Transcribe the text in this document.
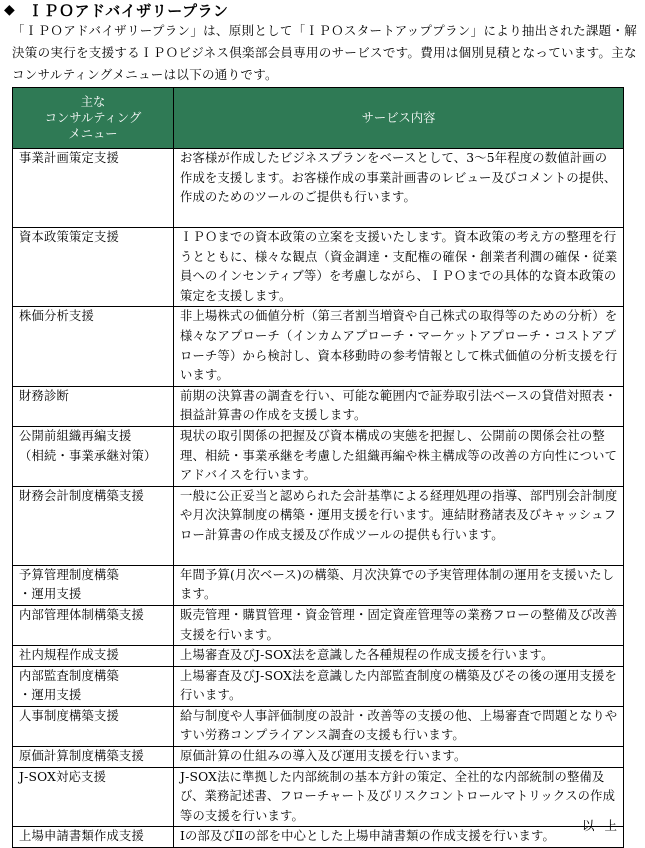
◆ ＩＰＯアドバイザリープラン

「ＩＰＯアドバイザリープラン」は、原則として「ＩＰＯスタートアッププラン」により抽出された課題・解決策の実行を支援するＩＰＯビジネス倶楽部会員専用のサービスです。費用は個別見積となっています。主なコンサルティングメニューは以下の通りです。

主な
コンサルティング
メニュー	サービス内容
事業計画策定支援	お客様が作成したビジネスプランをベースとして、3～5年程度の数値計画の作成を支援します。お客様作成の事業計画書のレビュー及びコメントの提供、作成のためのツールのご提供も行います。
資本政策策定支援	ＩＰＯまでの資本政策の立案を支援いたします。資本政策の考え方の整理を行うとともに、様々な観点（資金調達・支配権の確保・創業者利潤の確保・従業員へのインセンティブ等）を考慮しながら、ＩＰＯまでの具体的な資本政策の策定を支援します。
株価分析支援	非上場株式の価値分析（第三者割当増資や自己株式の取得等のための分析）を様々なアプローチ（インカムアプローチ・マーケットアプローチ・コストアプローチ等）から検討し、資本移動時の参考情報として株式価値の分析支援を行います。
財務診断	前期の決算書の調査を行い、可能な範囲内で証券取引法ベースの貸借対照表・損益計算書の作成を支援します。
公開前組織再編支援
（相続・事業承継対策）	現状の取引関係の把握及び資本構成の実態を把握し、公開前の関係会社の整理、相続・事業承継を考慮した組織再編や株主構成等の改善の方向性についてアドバイスを行います。
財務会計制度構築支援	一般に公正妥当と認められた会計基準による経理処理の指導、部門別会計制度や月次決算制度の構築・運用支援を行います。連結財務諸表及びキャッシュフロー計算書の作成支援及び作成ツールの提供も行います。
予算管理制度構築
・運用支援	年間予算(月次ベース)の構築、月次決算での予実管理体制の運用を支援いたします。
内部管理体制構築支援	販売管理・購買管理・資金管理・固定資産管理等の業務フローの整備及び改善支援を行います。
社内規程作成支援	上場審査及びJ-SOX法を意識した各種規程の作成支援を行います。
内部監査制度構築
・運用支援	上場審査及びJ-SOX法を意識した内部監査制度の構築及びその後の運用支援を行います。
人事制度構築支援	給与制度や人事評価制度の設計・改善等の支援の他、上場審査で問題となりやすい労務コンプライアンス調査の支援も行います。
原価計算制度構築支援	原価計算の仕組みの導入及び運用支援を行います。
J-SOX対応支援	J-SOX法に準拠した内部統制の基本方針の策定、全社的な内部統制の整備及び、業務記述書、フローチャート及びリスクコントロールマトリックスの作成等の支援を行います。
上場申請書類作成支援	Ⅰの部及びⅡの部を中心とした上場申請書類の作成支援を行います。
以上
